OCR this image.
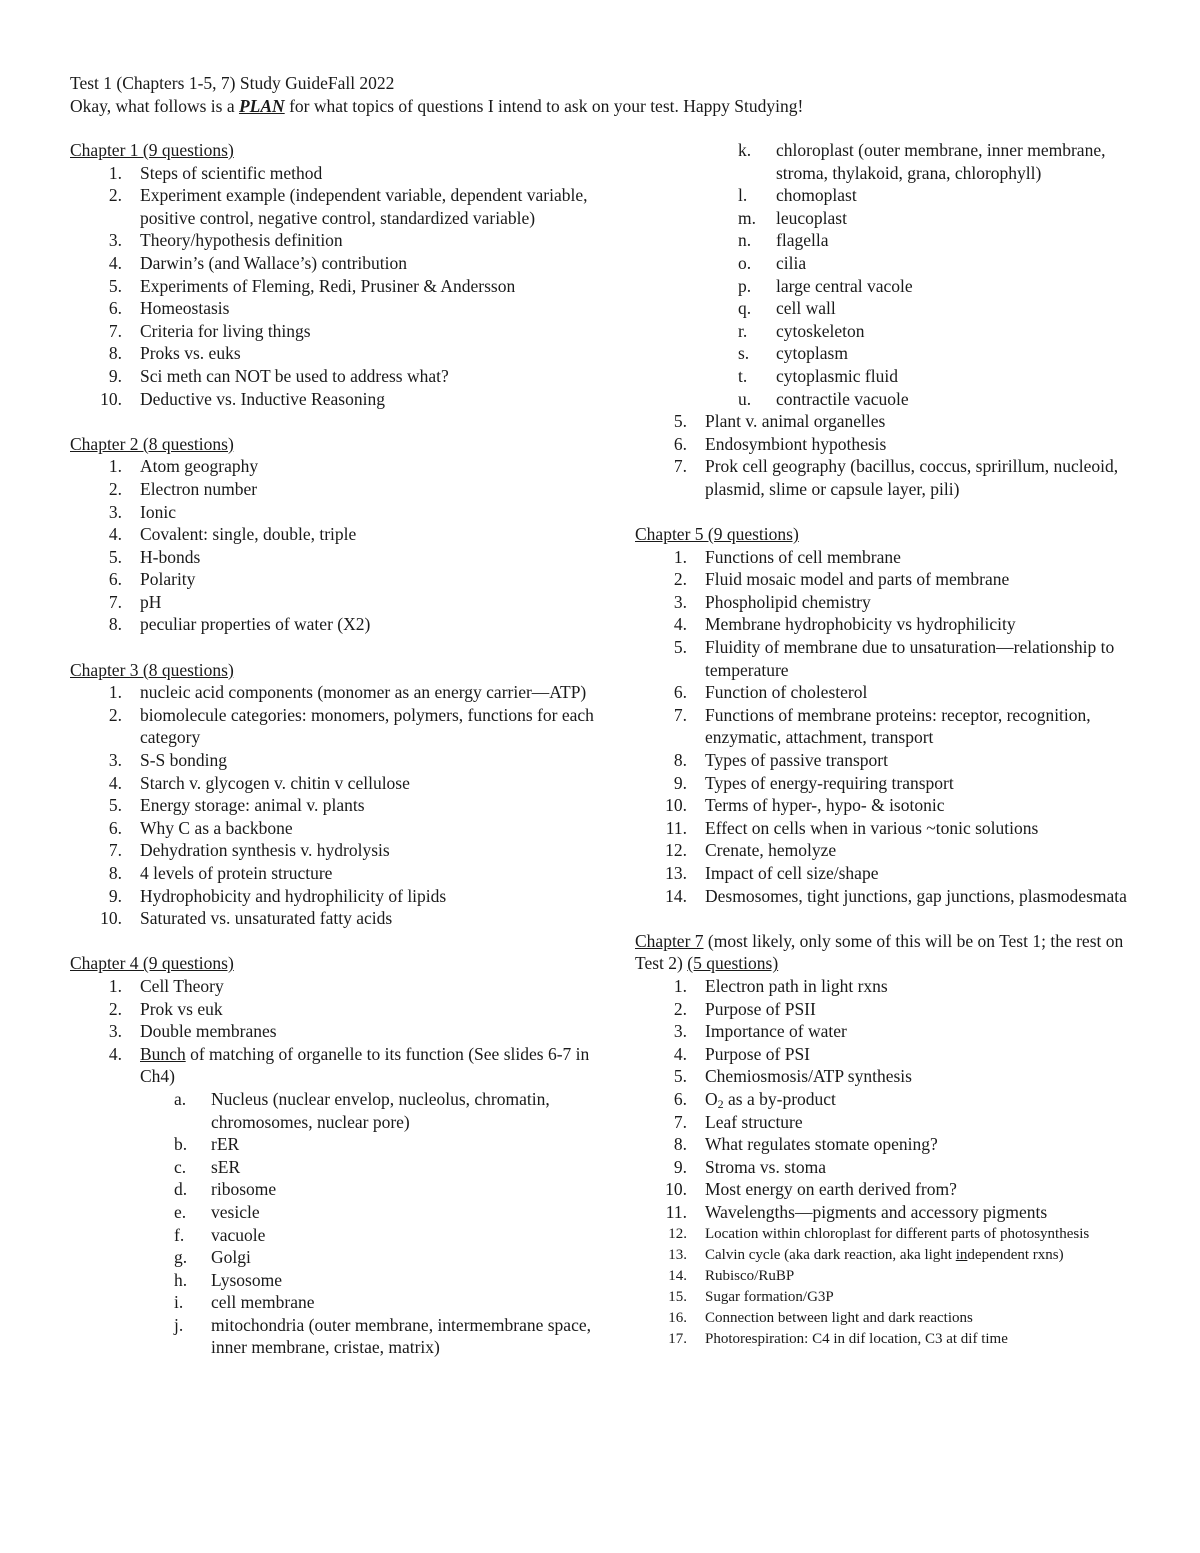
Test 1 (Chapters 1-5, 7) Study GuideFall 2022
Okay, what follows is a PLAN for what topics of questions I intend to ask on your test. Happy Studying!
Chapter 1 (9 questions)
1.	Steps of scientific method
2.	Experiment example (independent variable, dependent variable, positive control, negative control, standardized variable)
3.	Theory/hypothesis definition
4.	Darwin’s (and Wallace’s) contribution
5.	Experiments of Fleming, Redi, Prusiner & Andersson
6.	Homeostasis
7.	Criteria for living things
8.	Proks vs. euks
9.	Sci meth can NOT be used to address what?
10.	Deductive vs. Inductive Reasoning
Chapter 2 (8 questions)
1.	Atom geography
2.	Electron number
3.	Ionic
4.	Covalent: single, double, triple
5.	H-bonds
6.	Polarity
7.	pH
8.	peculiar properties of water (X2)
Chapter 3 (8 questions)
1.	nucleic acid components (monomer as an energy carrier—ATP)
2.	biomolecule categories: monomers, polymers, functions for each category
3.	S-S bonding
4.	Starch v. glycogen v. chitin v cellulose
5.	Energy storage: animal v. plants
6.	Why C as a backbone
7.	Dehydration synthesis v. hydrolysis
8.	4 levels of protein structure
9.	Hydrophobicity and hydrophilicity of lipids
10.	Saturated vs. unsaturated fatty acids
Chapter 4 (9 questions)
1.	Cell Theory
2.	Prok vs euk
3.	Double membranes
4.	Bunch of matching of organelle to its function (See slides 6-7 in Ch4)
a.	Nucleus (nuclear envelop, nucleolus, chromatin, chromosomes, nuclear pore)
b.	rER
c.	sER
d.	ribosome
e.	vesicle
f.	vacuole
g.	Golgi
h.	Lysosome
i.	cell membrane
j.	mitochondria (outer membrane, intermembrane space, inner membrane, cristae, matrix)
k.	chloroplast (outer membrane, inner membrane, stroma, thylakoid, grana, chlorophyll)
l.	chomoplast
m.	leucoplast
n.	flagella
o.	cilia
p.	large central vacole
q.	cell wall
r.	cytoskeleton
s.	cytoplasm
t.	cytoplasmic fluid
u.	contractile vacuole
5.	Plant v. animal organelles
6.	Endosymbiont hypothesis
7.	Prok cell geography (bacillus, coccus, spririllum, nucleoid, plasmid, slime or capsule layer, pili)
Chapter 5 (9 questions)
1.	Functions of cell membrane
2.	Fluid mosaic model and parts of membrane
3.	Phospholipid chemistry
4.	Membrane hydrophobicity vs hydrophilicity
5.	Fluidity of membrane due to unsaturation—relationship to temperature
6.	Function of cholesterol
7.	Functions of membrane proteins: receptor, recognition, enzymatic, attachment, transport
8.	Types of passive transport
9.	Types of energy-requiring transport
10.	Terms of hyper-, hypo- & isotonic
11.	Effect on cells when in various ~tonic solutions
12.	Crenate, hemolyze
13.	Impact of cell size/shape
14.	Desmosomes, tight junctions, gap junctions, plasmodesmata
Chapter 7 (most likely, only some of this will be on Test 1; the rest on Test 2) (5 questions)
1.	Electron path in light rxns
2.	Purpose of PSII
3.	Importance of water
4.	Purpose of PSI
5.	Chemiosmosis/ATP synthesis
6.	$O_2$ as a by-product
7.	Leaf structure
8.	What regulates stomate opening?
9.	Stroma vs. stoma
10.	Most energy on earth derived from?
11.	Wavelengths—pigments and accessory pigments
12.	Location within chloroplast for different parts of photosynthesis
13.	Calvin cycle (aka dark reaction, aka light independent rxns)
14.	Rubisco/RuBP
15.	Sugar formation/G3P
16.	Connection between light and dark reactions
17.	Photorespiration: C4 in dif location, C3 at dif time
